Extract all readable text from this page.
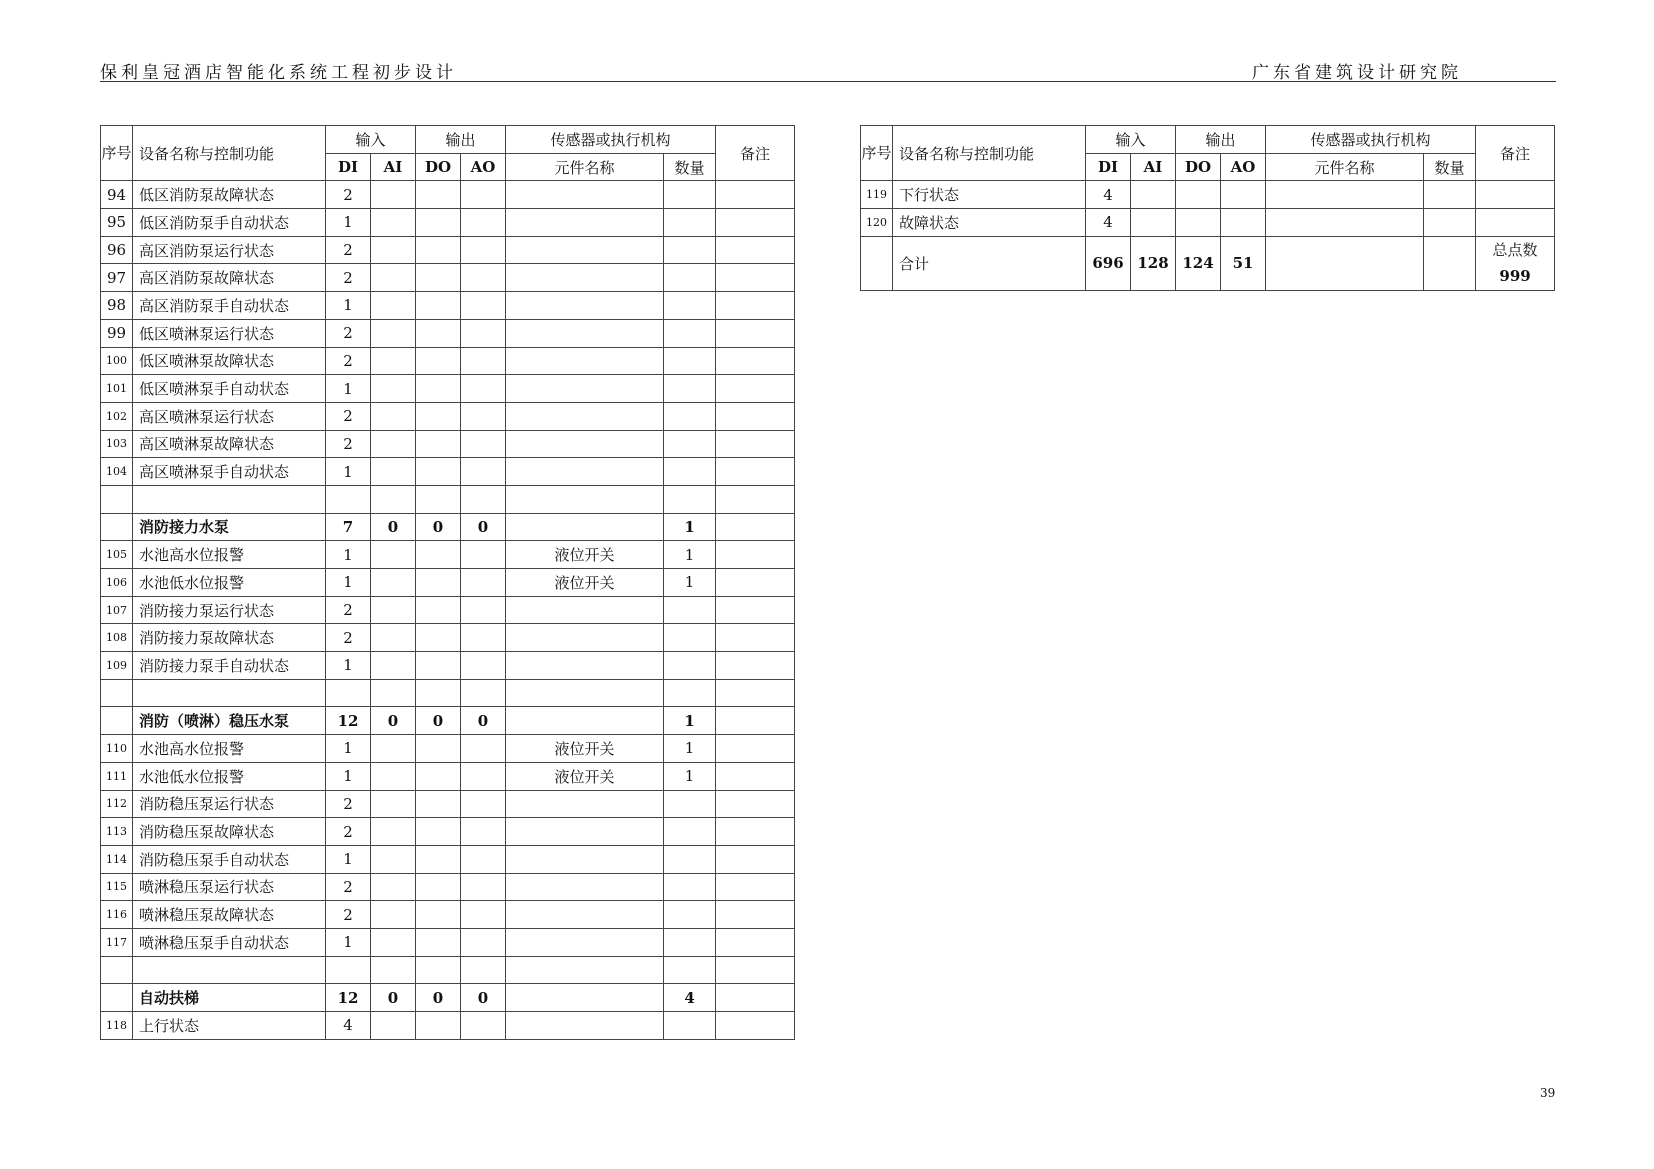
保利皇冠酒店智能化系统工程初步设计	广东省建筑设计研究院
序号	设备名称与控制功能	输入		输出		传感器或执行机构		备注
		DI	AI	DO	AO	元件名称	数量	
94	低区消防泵故障状态	2						
95	低区消防泵手自动状态	1						
96	高区消防泵运行状态	2						
97	高区消防泵故障状态	2						
98	高区消防泵手自动状态	1						
99	低区喷淋泵运行状态	2						
100	低区喷淋泵故障状态	2						
101	低区喷淋泵手自动状态	1						
102	高区喷淋泵运行状态	2						
103	高区喷淋泵故障状态	2						
104	高区喷淋泵手自动状态	1						

	消防接力水泵	7	0	0	0		1	
105	水池高水位报警	1				液位开关	1	
106	水池低水位报警	1				液位开关	1	
107	消防接力泵运行状态	2						
108	消防接力泵故障状态	2						
109	消防接力泵手自动状态	1						

	消防（喷淋）稳压水泵	12	0	0	0		1	
110	水池高水位报警	1				液位开关	1	
111	水池低水位报警	1				液位开关	1	
112	消防稳压泵运行状态	2						
113	消防稳压泵故障状态	2						
114	消防稳压泵手自动状态	1						
115	喷淋稳压泵运行状态	2						
116	喷淋稳压泵故障状态	2						
117	喷淋稳压泵手自动状态	1						

	自动扶梯	12	0	0	0		4	
118	上行状态	4						
序号	设备名称与控制功能	输入		输出		传感器或执行机构		备注
		DI	AI	DO	AO	元件名称	数量	
119	下行状态	4						
120	故障状态	4						
	合计	696	128	124	51			总点数
999
39
